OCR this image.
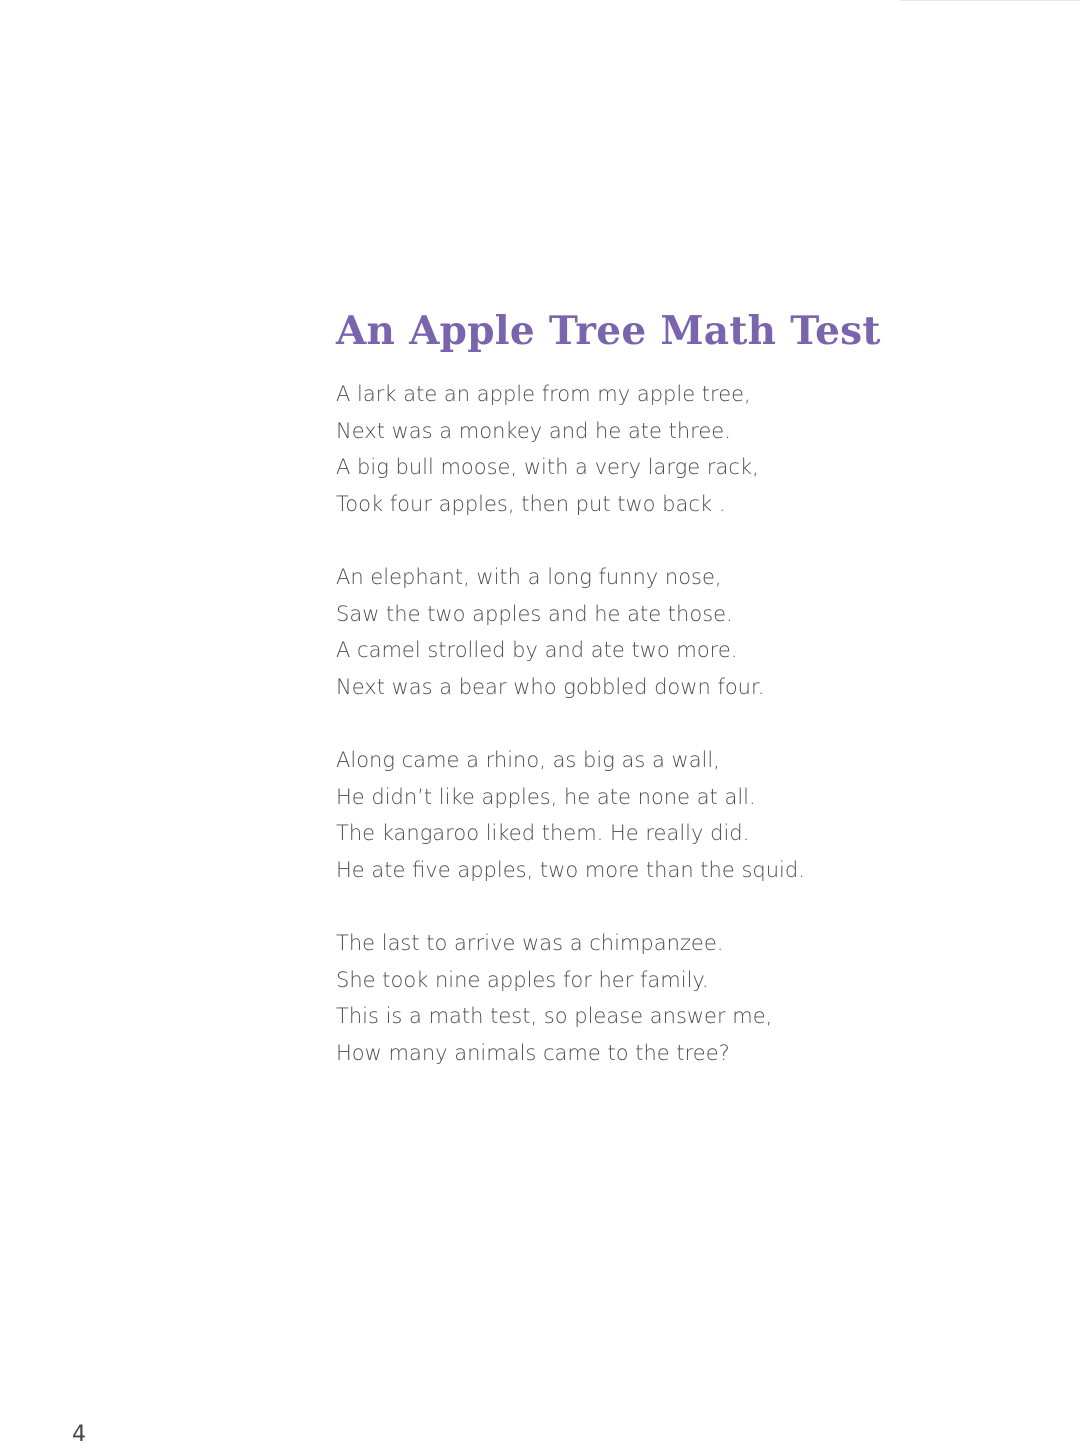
An Apple Tree Math Test
A lark ate an apple from my apple tree,
Next was a monkey and he ate three.
A big bull moose, with a very large rack,
Took four apples, then put two back .
An elephant, with a long funny nose,
Saw the two apples and he ate those.
A camel strolled by and ate two more.
Next was a bear who gobbled down four.
Along came a rhino, as big as a wall,
He didn’t like apples, he ate none at all.
The kangaroo liked them. He really did.
He ate five apples, two more than the squid.
The last to arrive was a chimpanzee.
She took nine apples for her family.
This is a math test, so please answer me,
How many animals came to the tree?
4
